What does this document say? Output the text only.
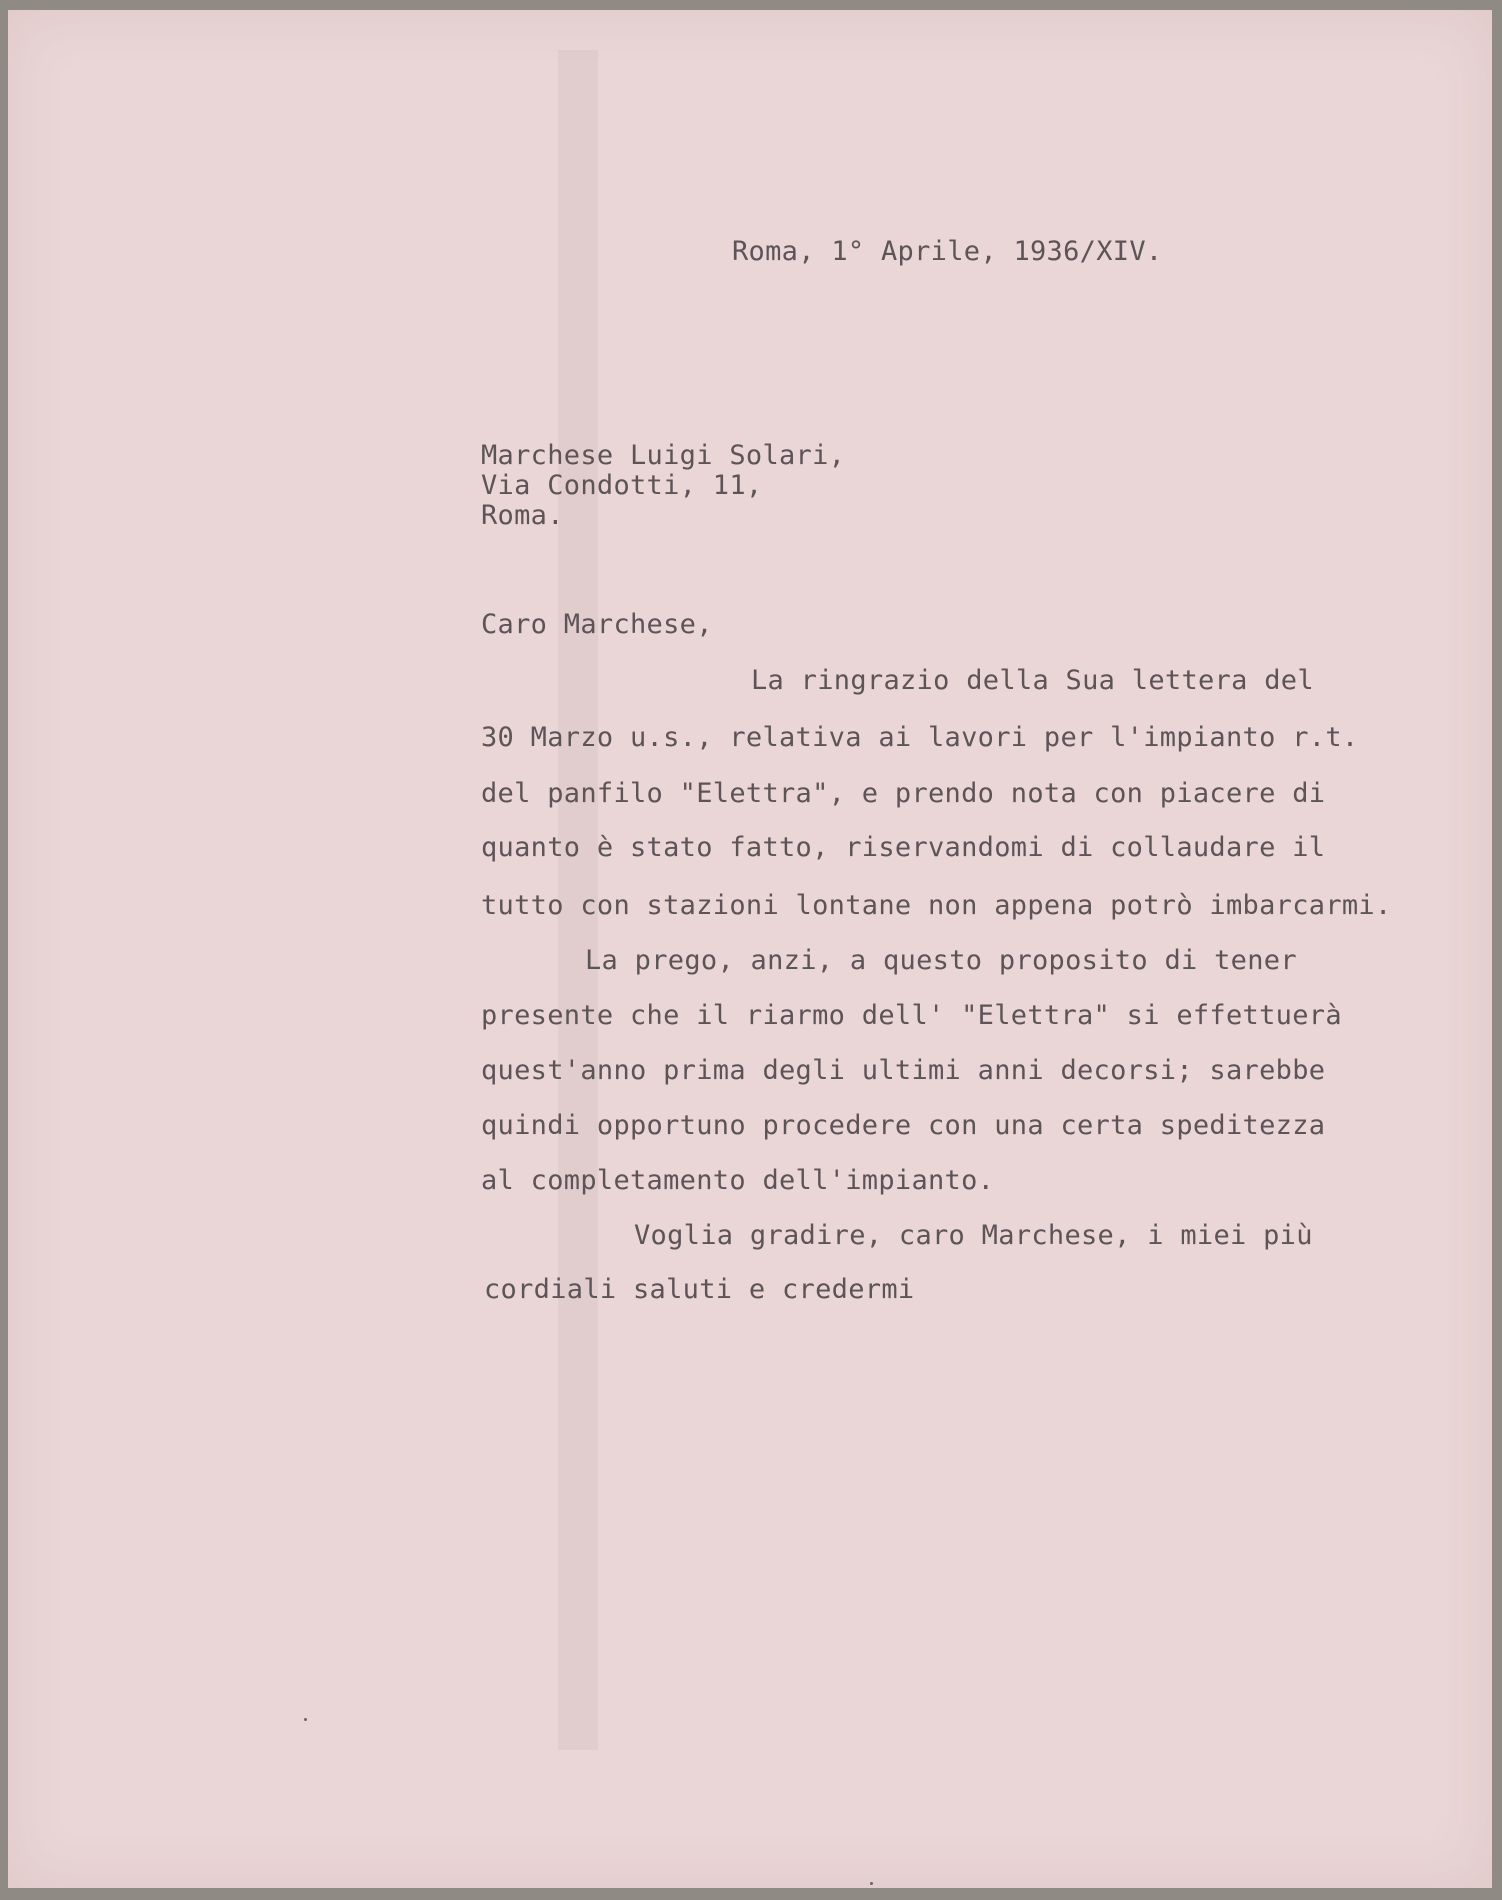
Roma, 1° Aprile, 1936/XIV.
Marchese Luigi Solari,
Via Condotti, 11,
Roma.
Caro Marchese,
La ringrazio della Sua lettera del
30 Marzo u.s., relativa ai lavori per l'impianto r.t.
del panfilo "Elettra", e prendo nota con piacere di
quanto è stato fatto, riservandomi di collaudare il
tutto con stazioni lontane non appena potrò imbarcarmi.
La prego, anzi, a questo proposito di tener
presente che il riarmo dell' "Elettra" si effettuerà
quest'anno prima degli ultimi anni decorsi; sarebbe
quindi opportuno procedere con una certa speditezza
al completamento dell'impianto.
Voglia gradire, caro Marchese, i miei più
cordiali saluti e credermi
